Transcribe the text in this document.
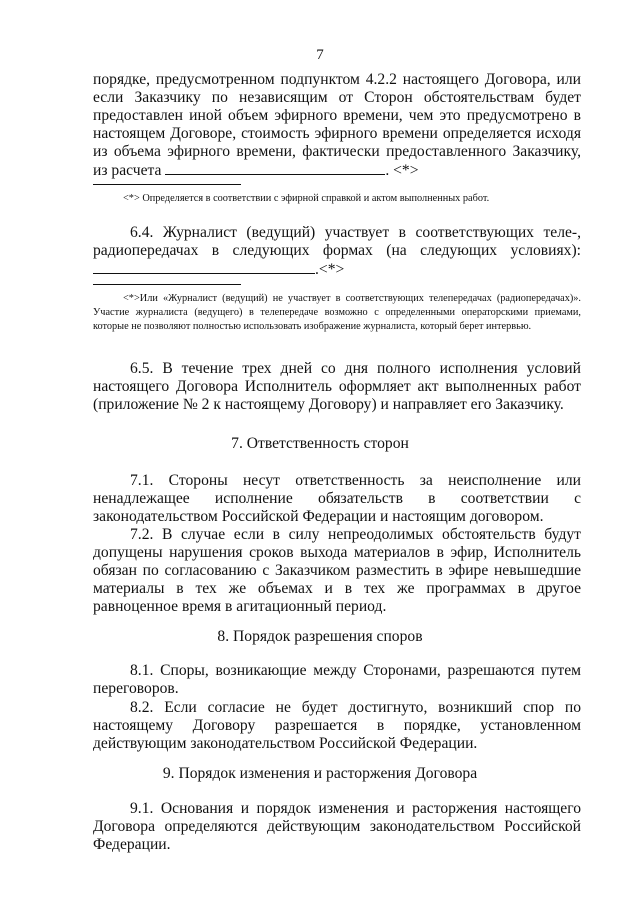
7

порядке, предусмотренном подпунктом 4.2.2 настоящего Договора, или если Заказчику по независящим от Сторон обстоятельствам будет предоставлен иной объем эфирного времени, чем это предусмотрено в настоящем Договоре, стоимость эфирного времени определяется исходя из объема эфирного времени, фактически предоставленного Заказчику, из расчета	. <*>

<*> Определяется в соответствии с эфирной справкой и актом выполненных работ.

6.4. Журналист (ведущий) участвует в соответствующих теле-, радиопередачах в следующих формах (на следующих условиях): .<*>

<*>Или «Журналист (ведущий) не участвует в соответствующих телепередачах (радиопередачах)». Участие журналиста (ведущего) в телепередаче возможно с определенными операторскими приемами, которые не позволяют полностью использовать изображение журналиста, который берет интервью.

6.5. В течение трех дней со дня полного исполнения условий настоящего Договора Исполнитель оформляет акт выполненных работ (приложение № 2 к настоящему Договору) и направляет его Заказчику.

7. Ответственность сторон

7.1. Стороны несут ответственность за неисполнение или ненадлежащее исполнение обязательств в соответствии с законодательством Российской Федерации и настоящим договором.

7.2. В случае если в силу непреодолимых обстоятельств будут допущены нарушения сроков выхода материалов в эфир, Исполнитель обязан по согласованию с Заказчиком разместить в эфире невышедшие материалы в тех же объемах и в тех же программах в другое равноценное время в агитационный период.

8. Порядок разрешения споров

8.1. Споры, возникающие между Сторонами, разрешаются путем переговоров.

8.2. Если согласие не будет достигнуто, возникший спор по настоящему Договору разрешается в порядке, установленном действующим законодательством Российской Федерации.

9. Порядок изменения и расторжения Договора

9.1. Основания и порядок изменения и расторжения настоящего Договора определяются действующим законодательством Российской Федерации.
